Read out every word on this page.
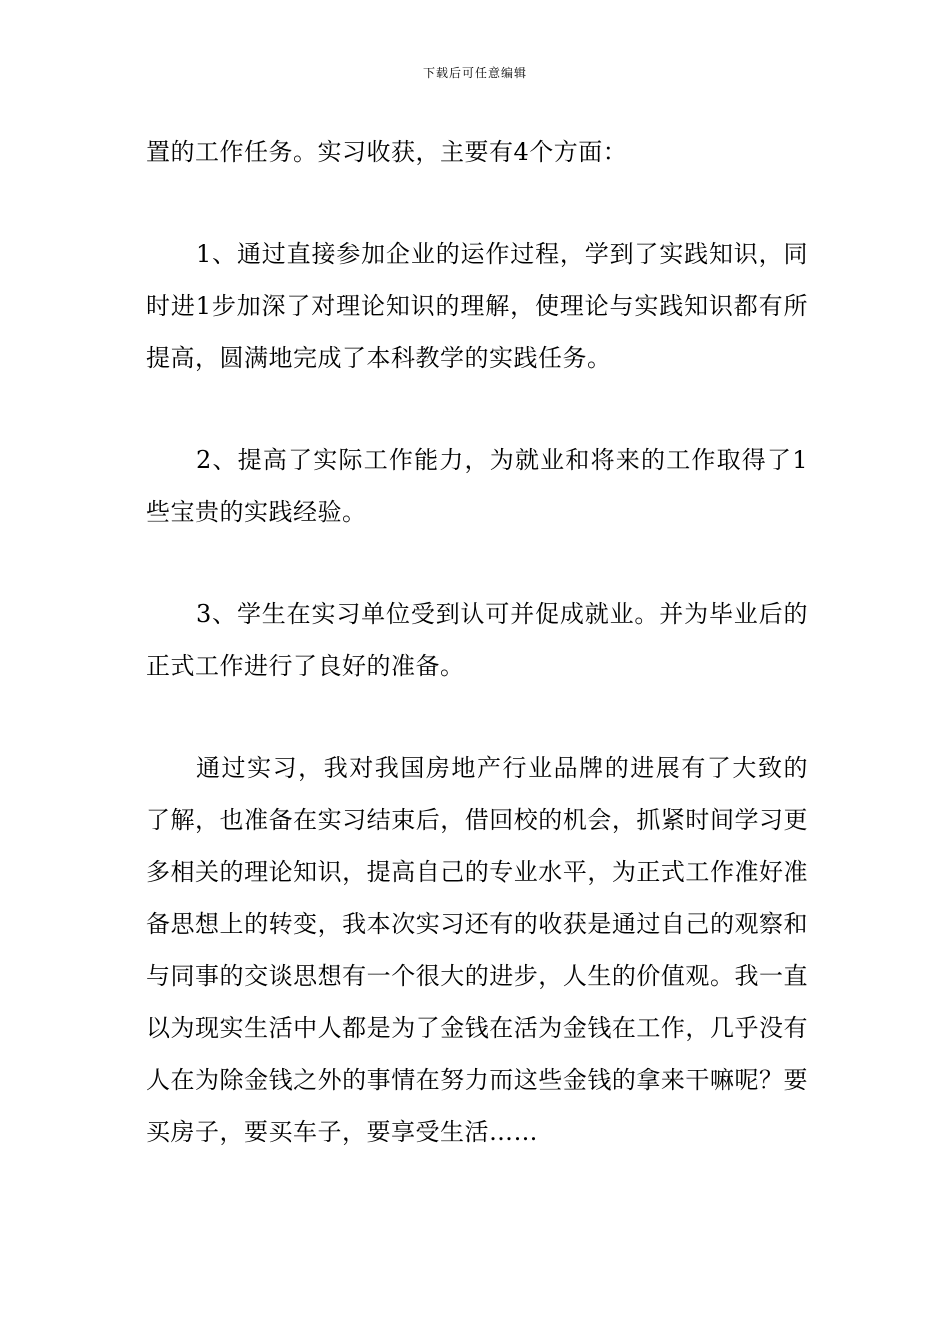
下载后可任意编辑

置的工作任务。实习收获，主要有4个方面：

1、通过直接参加企业的运作过程，学到了实践知识，同时进1步加深了对理论知识的理解，使理论与实践知识都有所提高，圆满地完成了本科教学的实践任务。

2、提高了实际工作能力，为就业和将来的工作取得了1些宝贵的实践经验。

3、学生在实习单位受到认可并促成就业。并为毕业后的正式工作进行了良好的准备。

通过实习，我对我国房地产行业品牌的进展有了大致的了解，也准备在实习结束后，借回校的机会，抓紧时间学习更多相关的理论知识，提高自己的专业水平，为正式工作准好准备思想上的转变，我本次实习还有的收获是通过自己的观察和与同事的交谈思想有一个很大的进步，人生的价值观。我一直以为现实生活中人都是为了金钱在活为金钱在工作，几乎没有人在为除金钱之外的事情在努力而这些金钱的拿来干嘛呢？要买房子，要买车子，要享受生活……
